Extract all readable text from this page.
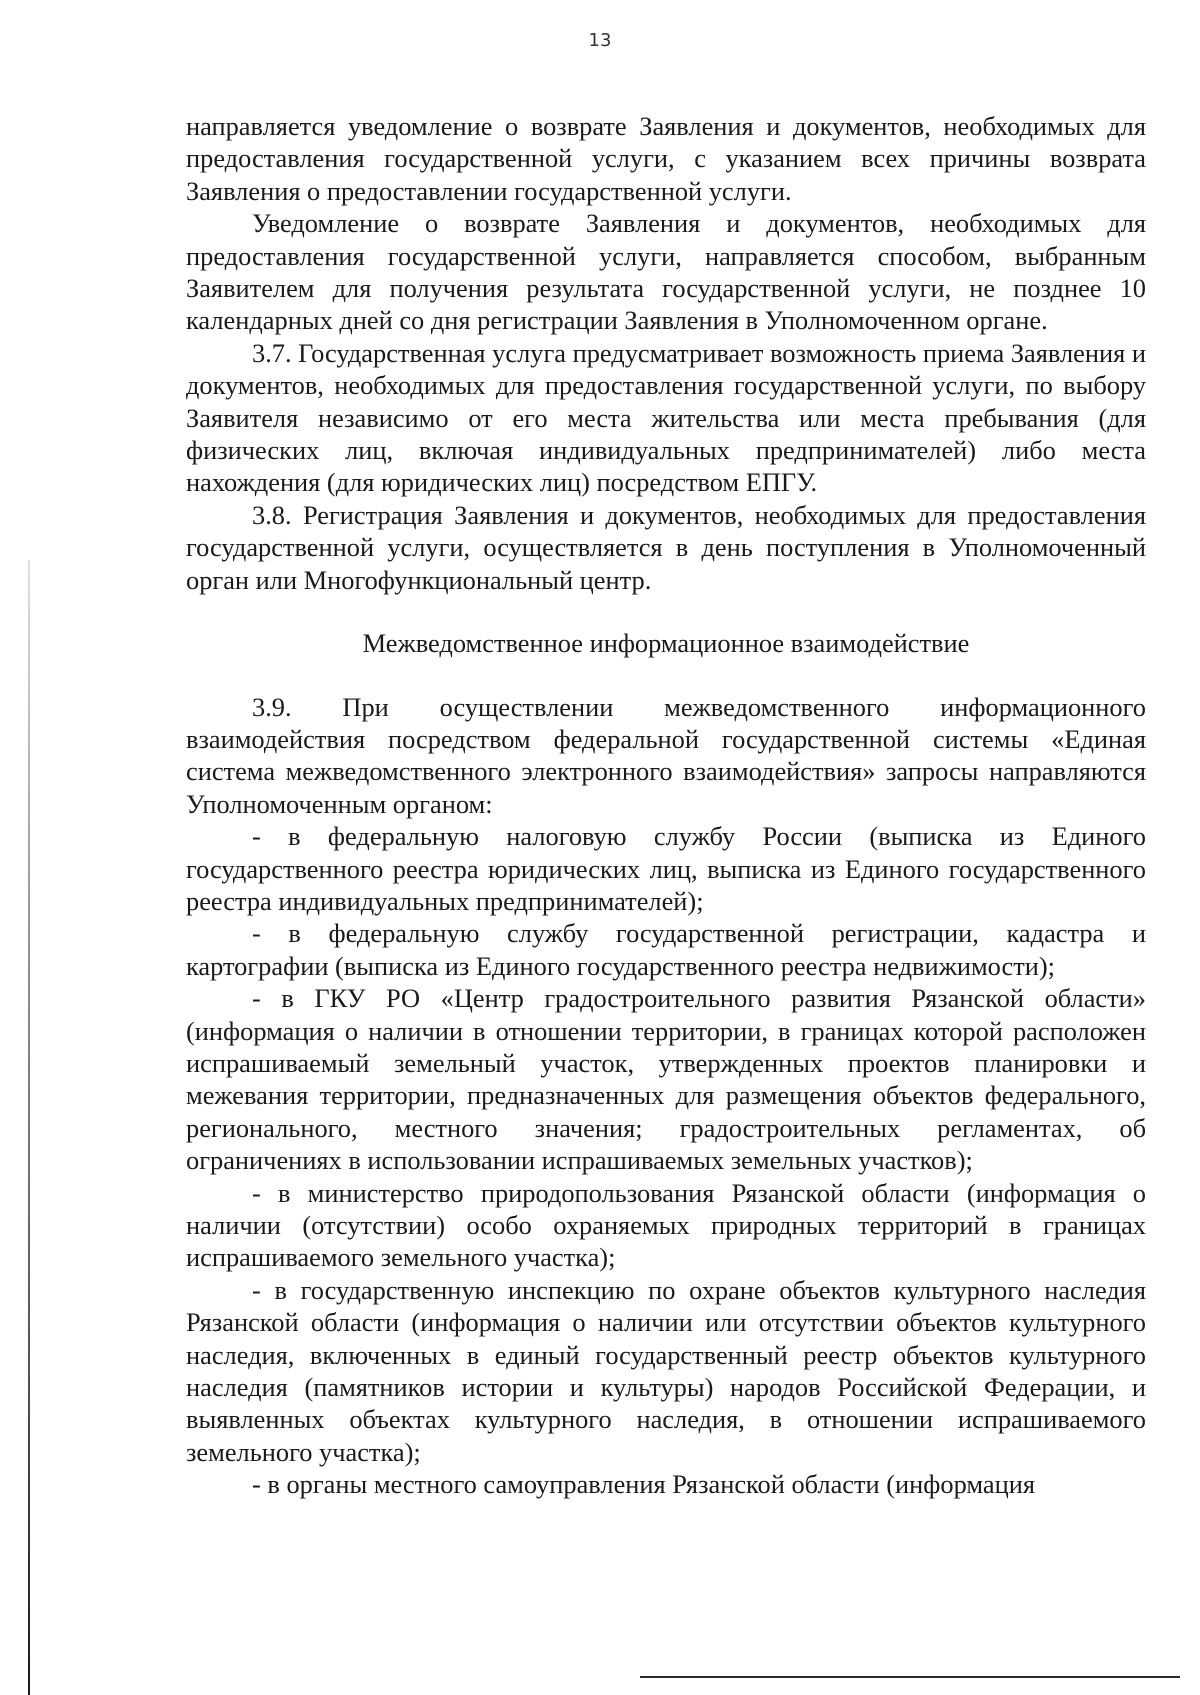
13

направляется уведомление о возврате Заявления и документов, необходимых для предоставления государственной услуги, с указанием всех причины возврата Заявления о предоставлении государственной услуги.

Уведомление о возврате Заявления и документов, необходимых для предоставления государственной услуги, направляется способом, выбранным Заявителем для получения результата государственной услуги, не позднее 10 календарных дней со дня регистрации Заявления в Уполномоченном органе.

3.7. Государственная услуга предусматривает возможность приема Заявления и документов, необходимых для предоставления государственной услуги, по выбору Заявителя независимо от его места жительства или места пребывания (для физических лиц, включая индивидуальных предпринимателей) либо места нахождения (для юридических лиц) посредством ЕПГУ.

3.8. Регистрация Заявления и документов, необходимых для предоставления государственной услуги, осуществляется в день поступления в Уполномоченный орган или Многофункциональный центр.

Межведомственное информационное взаимодействие

3.9. При осуществлении межведомственного информационного взаимодействия посредством федеральной государственной системы «Единая система межведомственного электронного взаимодействия» запросы направляются Уполномоченным органом:

- в федеральную налоговую службу России (выписка из Единого государственного реестра юридических лиц, выписка из Единого государственного реестра индивидуальных предпринимателей);

- в федеральную службу государственной регистрации, кадастра и картографии (выписка из Единого государственного реестра недвижимости);

- в ГКУ РО «Центр градостроительного развития Рязанской области» (информация о наличии в отношении территории, в границах которой расположен испрашиваемый земельный участок, утвержденных проектов планировки и межевания территории, предназначенных для размещения объектов федерального, регионального, местного значения; градостроительных регламентах, об ограничениях в использовании испрашиваемых земельных участков);

- в министерство природопользования Рязанской области (информация о наличии (отсутствии) особо охраняемых природных территорий в границах испрашиваемого земельного участка);

- в государственную инспекцию по охране объектов культурного наследия Рязанской области (информация о наличии или отсутствии объектов культурного наследия, включенных в единый государственный реестр объектов культурного наследия (памятников истории и культуры) народов Российской Федерации, и выявленных объектах культурного наследия, в отношении испрашиваемого земельного участка);

- в органы местного самоуправления Рязанской области (информация
